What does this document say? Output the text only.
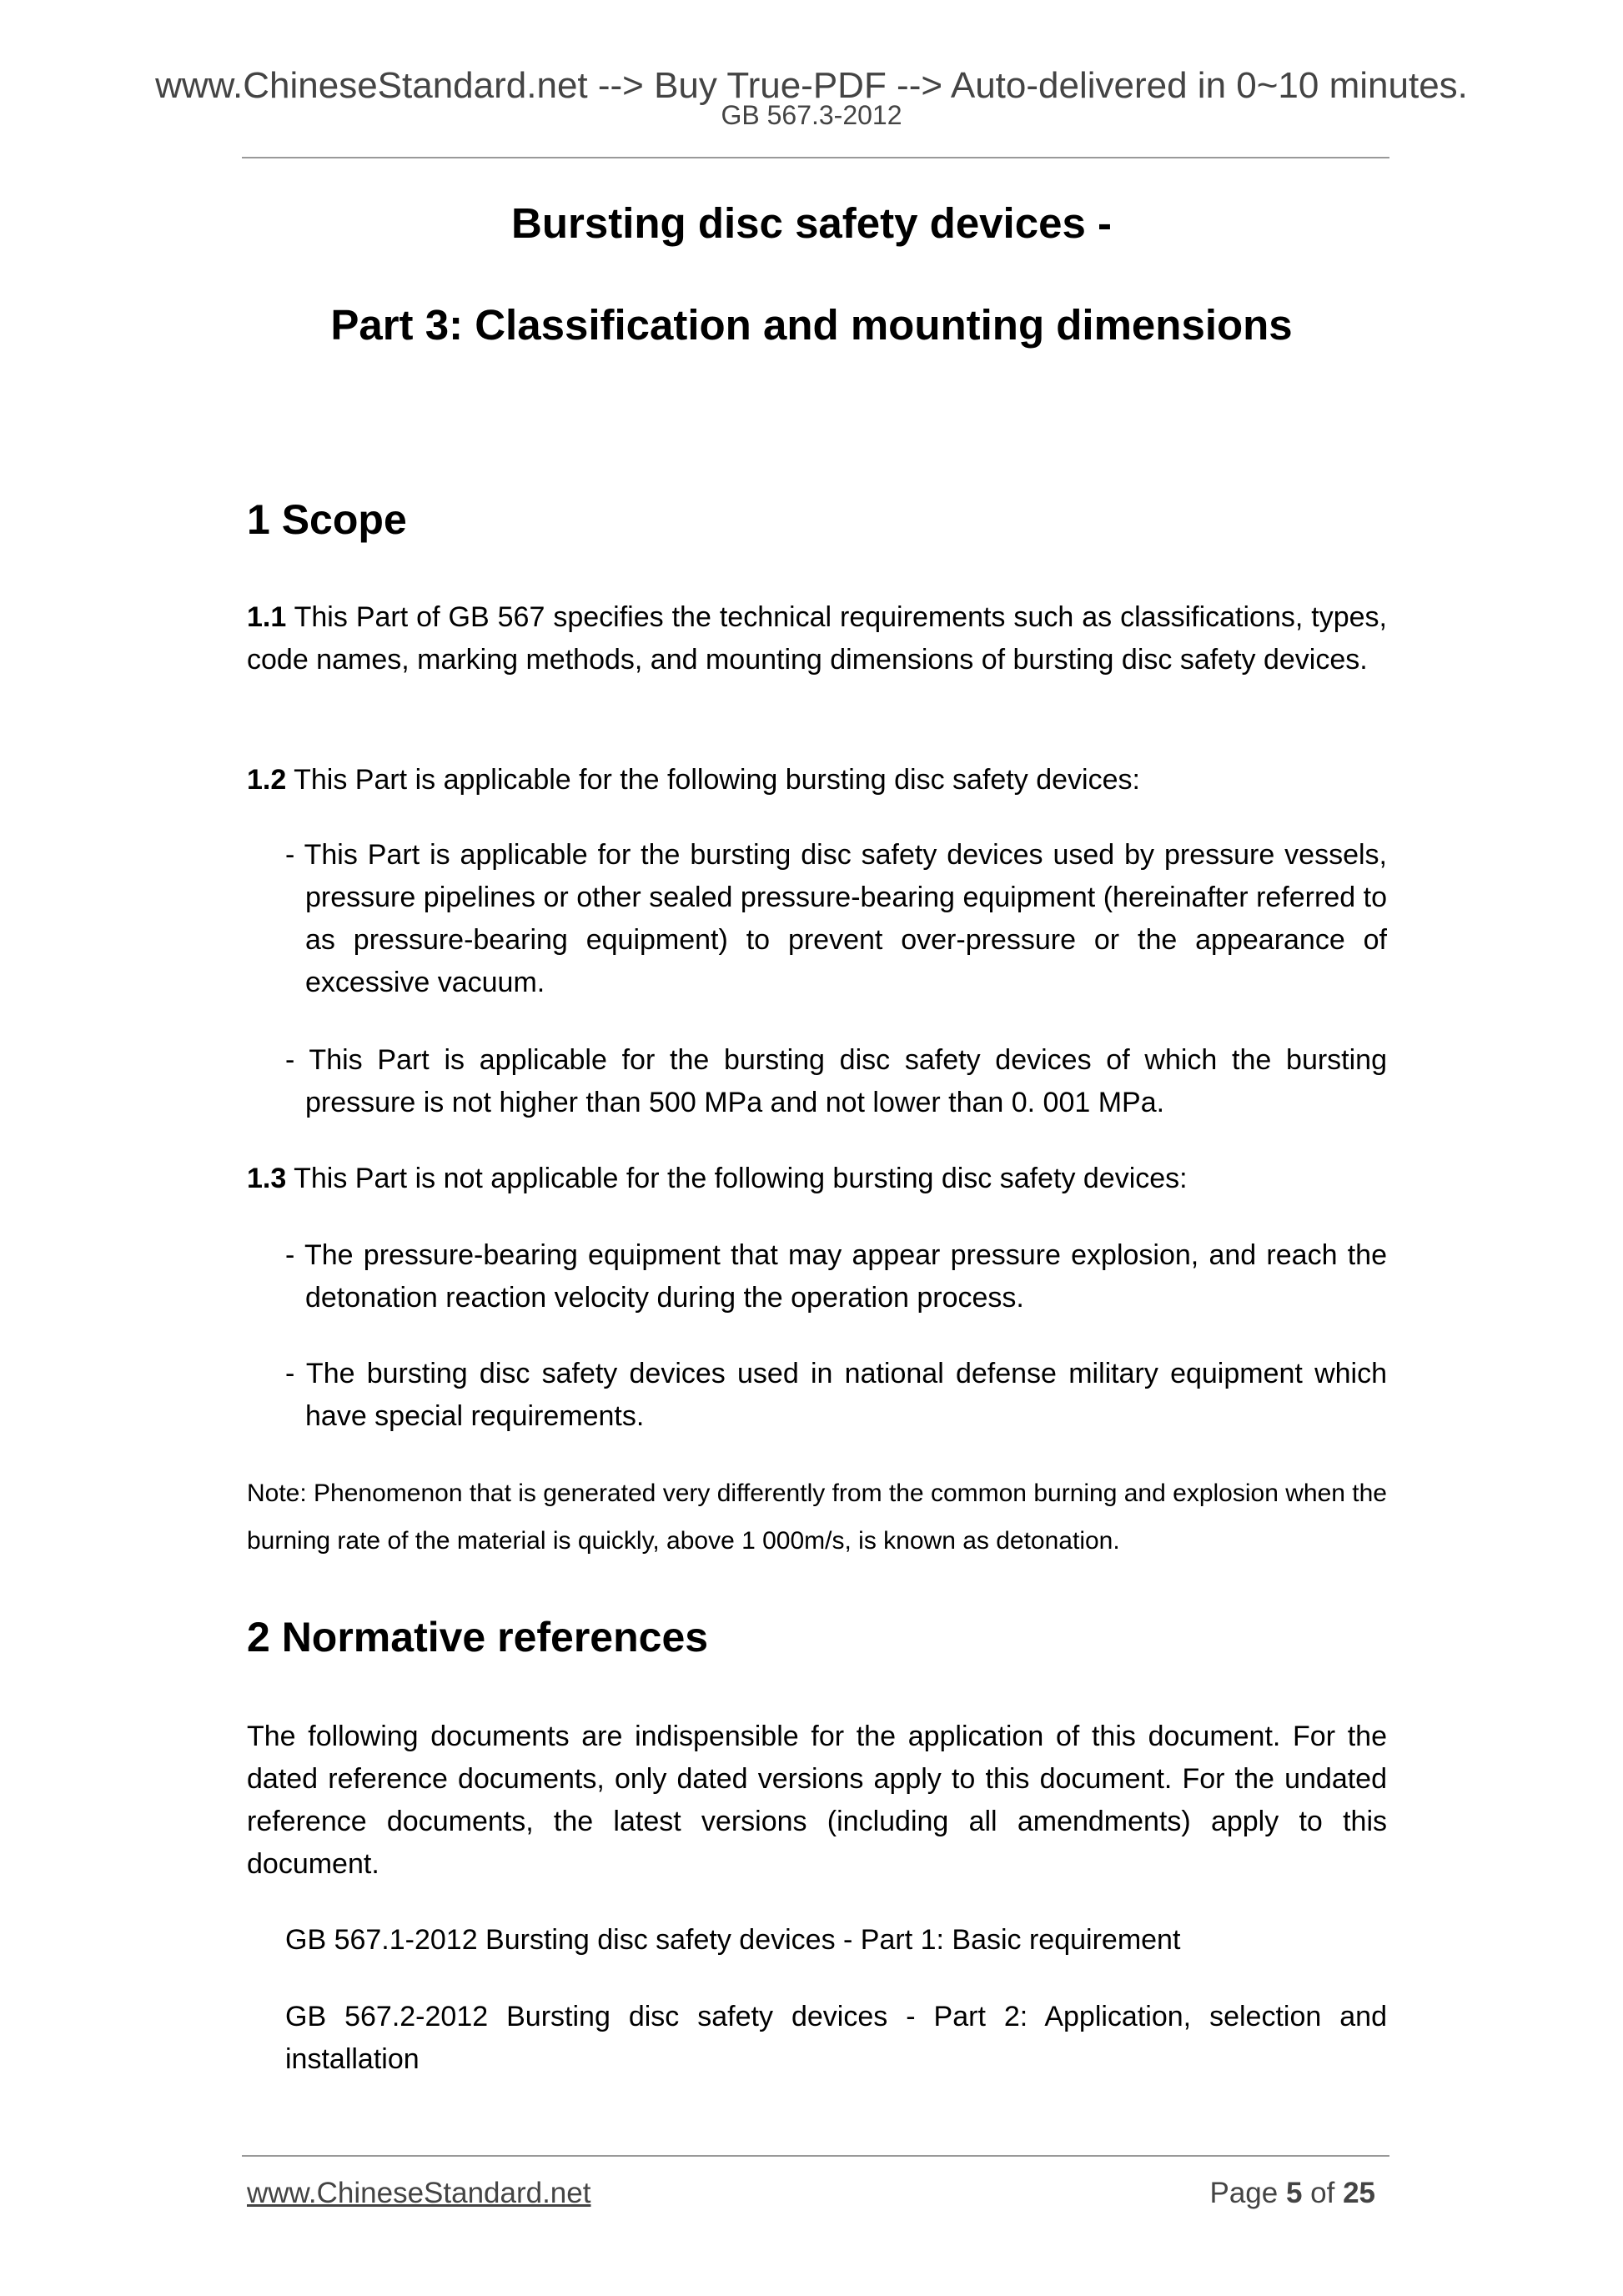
www.ChineseStandard.net --> Buy True-PDF --> Auto-delivered in 0~10 minutes.
GB 567.3-2012
Bursting disc safety devices -
Part 3: Classification and mounting dimensions
1 Scope
1.1 This Part of GB 567 specifies the technical requirements such as classifications, types, code names, marking methods, and mounting dimensions of bursting disc safety devices.
1.2 This Part is applicable for the following bursting disc safety devices:
- This Part is applicable for the bursting disc safety devices used by pressure vessels, pressure pipelines or other sealed pressure-bearing equipment (hereinafter referred to as pressure-bearing equipment) to prevent over-pressure or the appearance of excessive vacuum.
- This Part is applicable for the bursting disc safety devices of which the bursting pressure is not higher than 500 MPa and not lower than 0. 001 MPa.
1.3 This Part is not applicable for the following bursting disc safety devices:
- The pressure-bearing equipment that may appear pressure explosion, and reach the detonation reaction velocity during the operation process.
- The bursting disc safety devices used in national defense military equipment which have special requirements.
Note: Phenomenon that is generated very differently from the common burning and explosion when the burning rate of the material is quickly, above 1 000m/s, is known as detonation.
2 Normative references
The following documents are indispensible for the application of this document. For the dated reference documents, only dated versions apply to this document. For the undated reference documents, the latest versions (including all amendments) apply to this document.
GB 567.1-2012 Bursting disc safety devices - Part 1: Basic requirement
GB 567.2-2012 Bursting disc safety devices - Part 2: Application, selection and installation
www.ChineseStandard.net	Page 5 of 25
